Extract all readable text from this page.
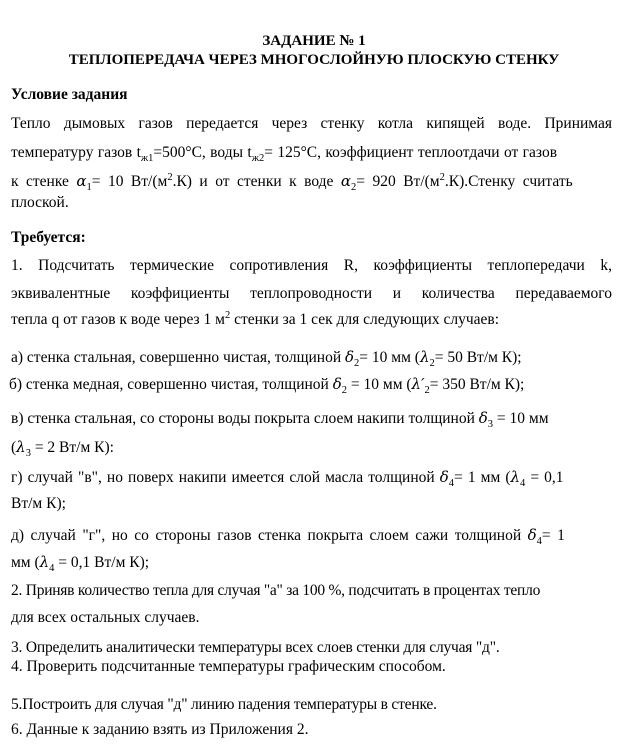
ЗАДАНИЕ № 1
ТЕПЛОПЕРЕДАЧА ЧЕРЕЗ МНОГОСЛОЙНУЮ ПЛОСКУЮ СТЕНКУ
Условие задания
Тепло дымовых газов передается через стенку котла кипящей воде. Принимая
температуру газов $t_{ж1}=500^\circ С$, воды $t_{ж2}= 125^\circ С$, коэффициент теплоотдачи от газов
к стенке $\alpha_1= 10$ $Вт/(м^2.К)$ и от стенки к воде $\alpha_2= 920$ $Вт/(м^2.К).Стенку$ считать
плоской.
Требуется:
1. Подсчитать термические сопротивления R, коэффициенты теплопередачи k,
эквивалентные коэффициенты теплопроводности и количества передаваемого
тепла q от газов к воде через 1 $м^2$ стенки за 1 сек для следующих случаев:
а) стенка стальная, совершенно чистая, толщиной $\delta_2= 10$ мм ($\lambda_2= 50$ Вт/м К);
б) стенка медная, совершенно чистая, толщиной $\delta_2 = 10$ мм ($\lambda'_2= 350$ Вт/м К);
в) стенка стальная, со стороны воды покрыта слоем накипи толщиной $\delta_3 = 10$ мм
($\lambda_3 = 2$ Вт/м К):
г) случай "в", но поверх накипи имеется слой масла толщиной $\delta_4= 1$ мм ($\lambda_4 = 0,1$
Вт/м К);
д) случай "г", но со стороны газов стенка покрыта слоем сажи толщиной $\delta_4= 1$
мм ($\lambda_4 = 0,1$ Вт/м К);
2. Приняв количество тепла для случая "а" за 100 %, подсчитать в процентах тепло
для всех остальных случаев.
3. Определить аналитически температуры всех слоев стенки для случая "д".
4. Проверить подсчитанные температуры графическим способом.
5.Построить для случая "д" линию падения температуры в стенке.
6. Данные к заданию взять из Приложения 2.
